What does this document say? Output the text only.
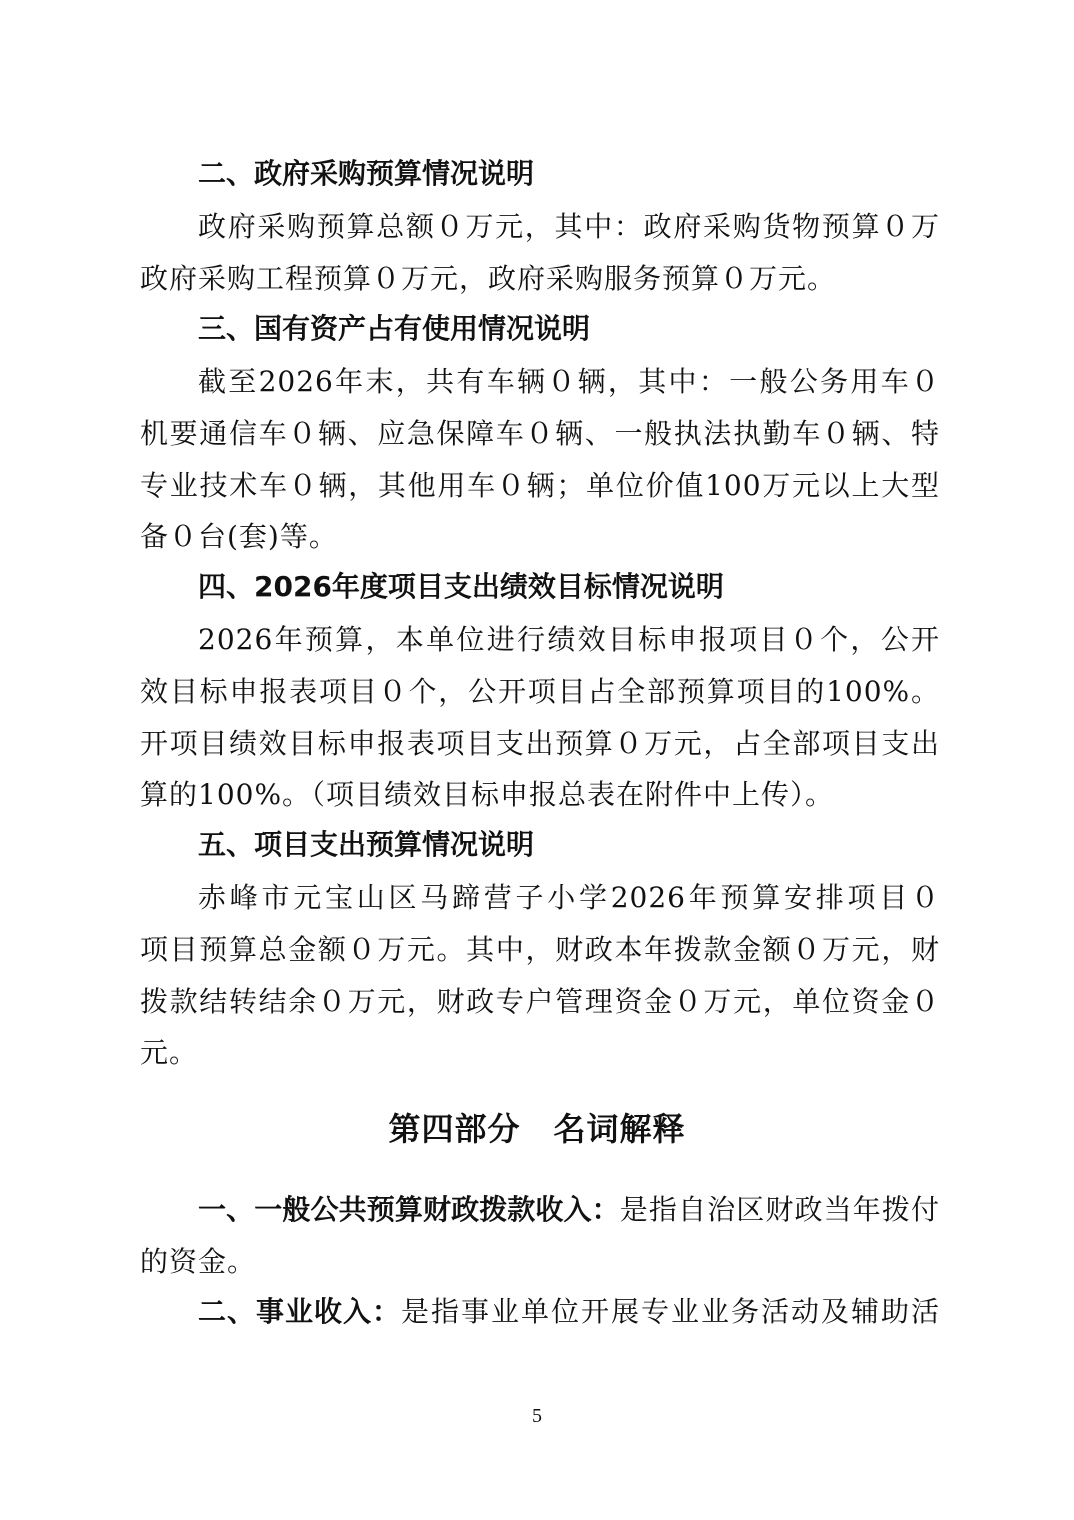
二、政府采购预算情况说明
政府采购预算总额０万元，其中：政府采购货物预算０万
政府采购工程预算０万元，政府采购服务预算０万元。
三、国有资产占有使用情况说明
截至2026年末，共有车辆０辆，其中：一般公务用车０
机要通信车０辆、应急保障车０辆、一般执法执勤车０辆、特
专业技术车０辆，其他用车０辆；单位价值100万元以上大型
备０台(套)等。
四、2026年度项目支出绩效目标情况说明
2026年预算，本单位进行绩效目标申报项目０个，公开
效目标申报表项目０个，公开项目占全部预算项目的100%。
开项目绩效目标申报表项目支出预算０万元，占全部项目支出
算的100%。（项目绩效目标申报总表在附件中上传）。
五、项目支出预算情况说明
赤峰市元宝山区马蹄营子小学2026年预算安排项目０
项目预算总金额０万元。其中，财政本年拨款金额０万元，财
拨款结转结余０万元，财政专户管理资金０万元，单位资金０
元。
第四部分　名词解释
一、一般公共预算财政拨款收入：是指自治区财政当年拨付
的资金。
二、事业收入：是指事业单位开展专业业务活动及辅助活
5
